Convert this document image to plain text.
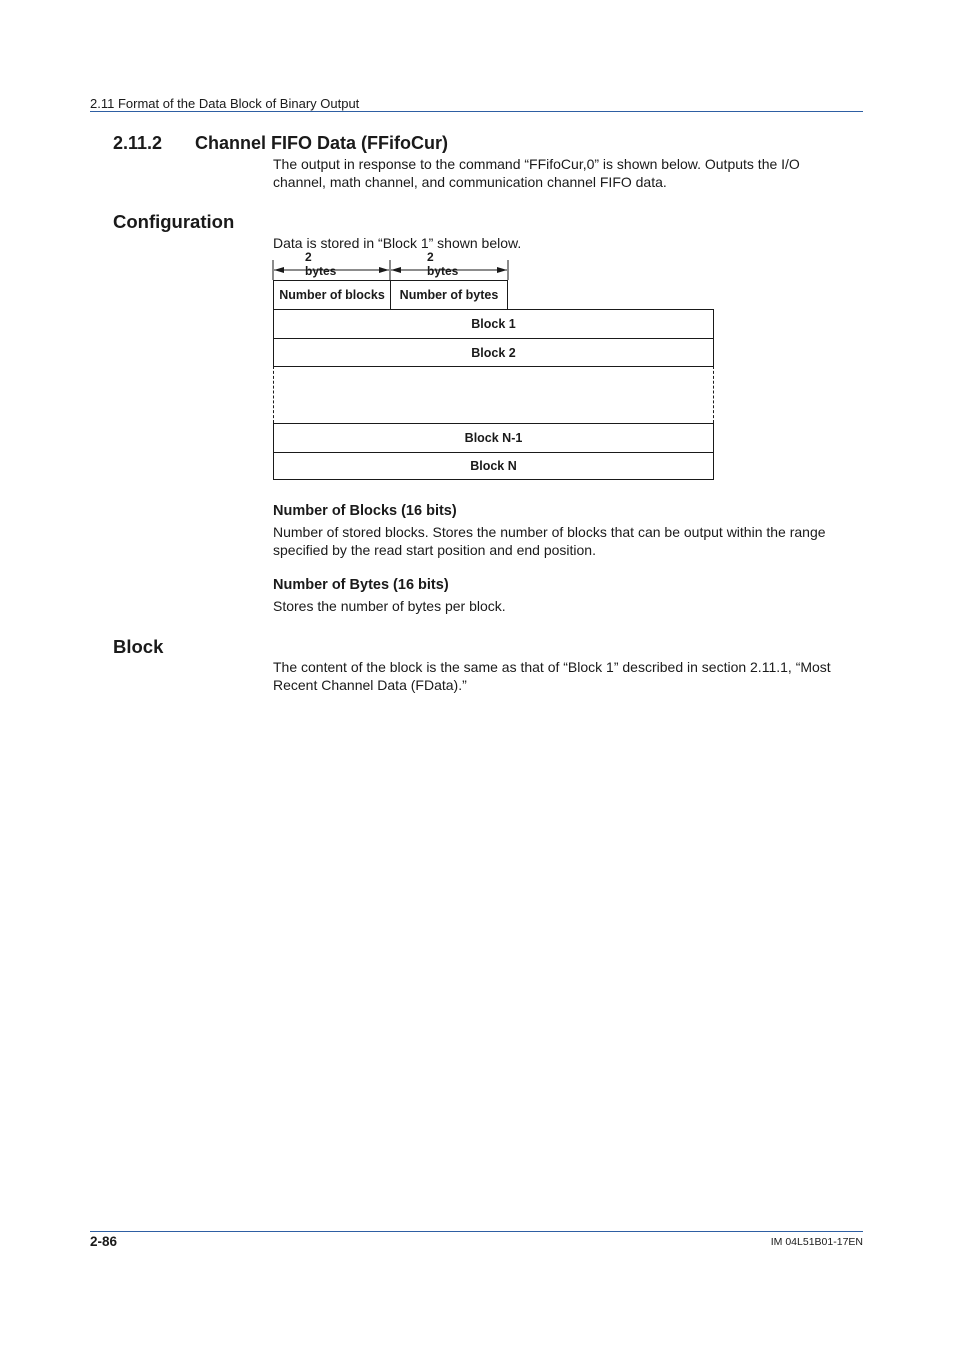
2.11 Format of the Data Block of Binary Output
2.11.2 Channel FIFO Data (FFifoCur)
The output in response to the command “FFifoCur,0” is shown below. Outputs the I/O
channel, math channel, and communication channel FIFO data.
Configuration
Data is stored in “Block 1” shown below.
2 bytes
2 bytes
Number of blocks	Number of bytes
Block 1
Block 2
Block N-1
Block N
Number of Blocks (16 bits)
Number of stored blocks. Stores the number of blocks that can be output within the range
specified by the read start position and end position.
Number of Bytes (16 bits)
Stores the number of bytes per block.
Block
The content of the block is the same as that of “Block 1” described in section 2.11.1, “Most
Recent Channel Data (FData).”
2-86	IM 04L51B01-17EN
